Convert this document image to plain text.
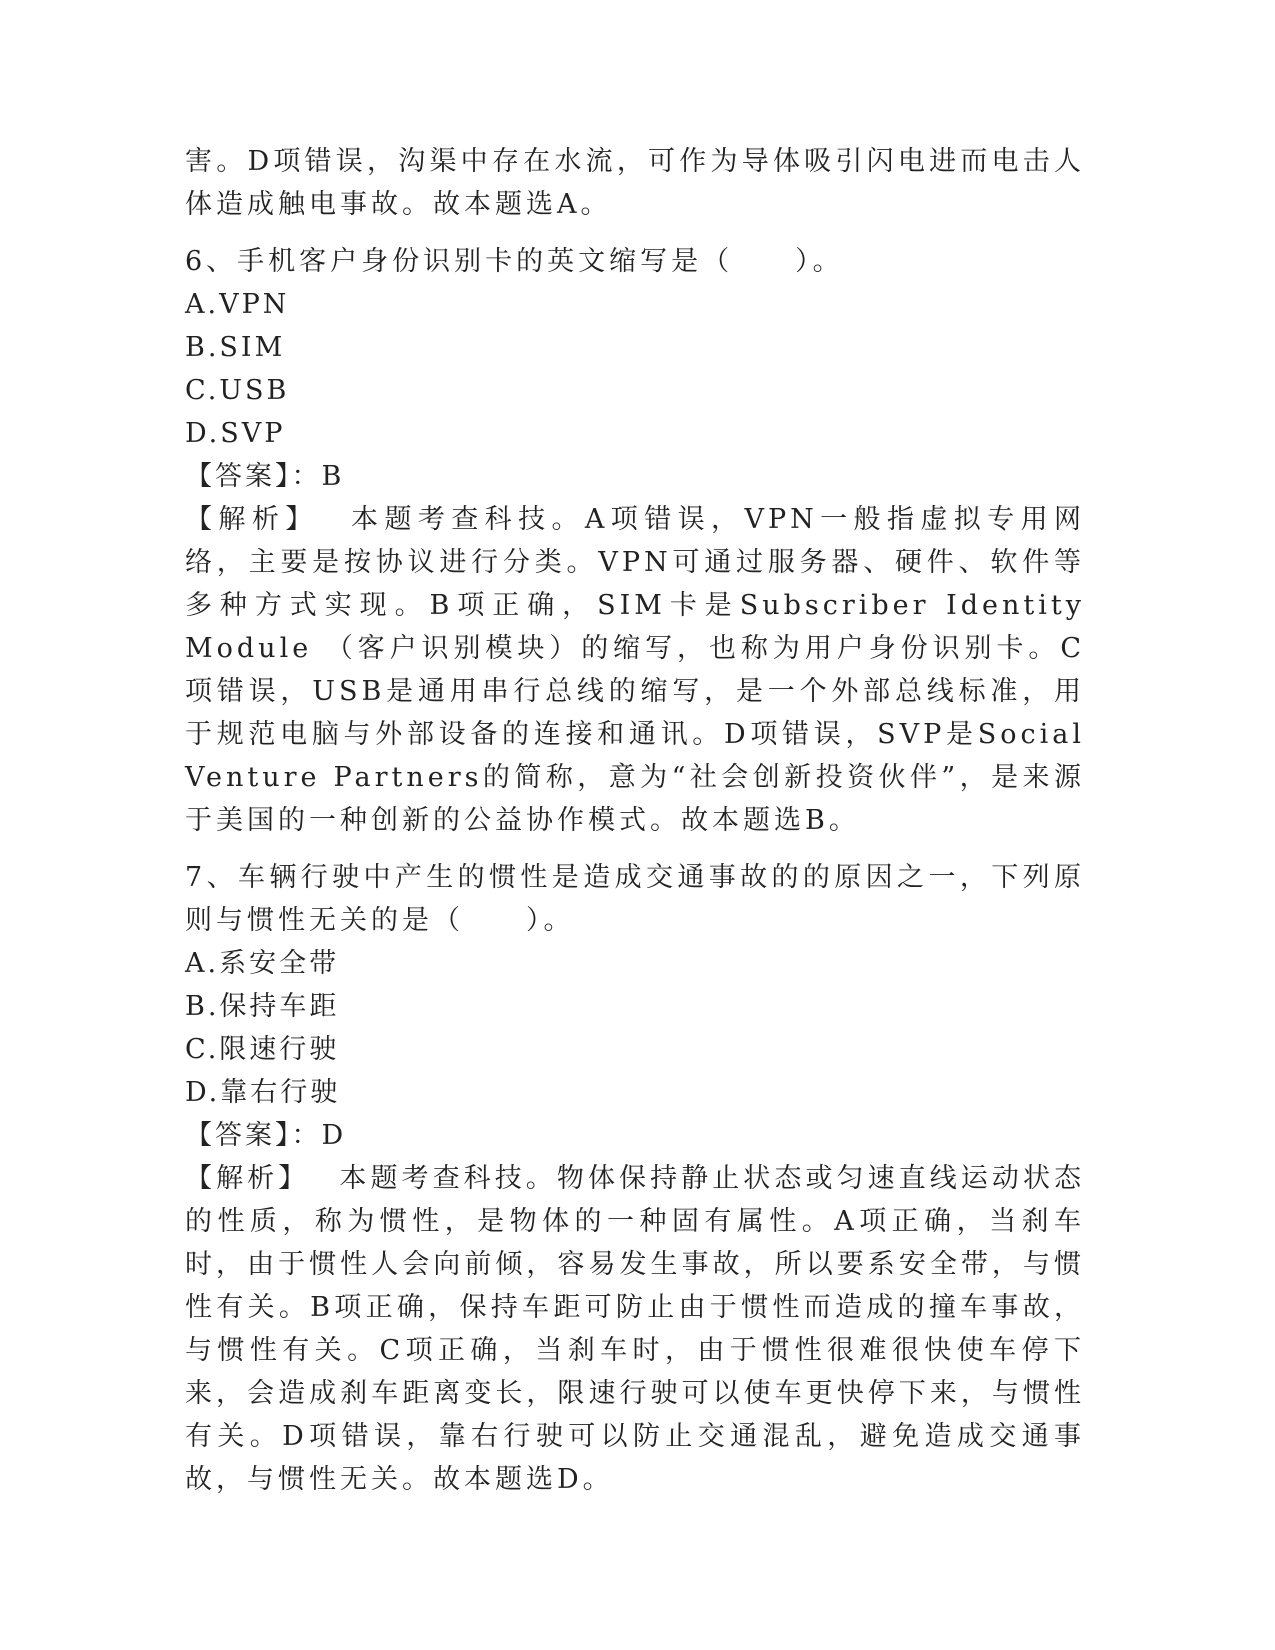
害。D项错误，沟渠中存在水流，可作为导体吸引闪电进而电击人体造成触电事故。故本题选A。

6、手机客户身份识别卡的英文缩写是（　　）。

A.VPN

B.SIM

C.USB

D.SVP

【答案】：B

【解析】 本题考查科技。A项错误，VPN一般指虚拟专用网络，主要是按协议进行分类。VPN可通过服务器、硬件、软件等多种方式实现。B项正确，SIM卡是Subscriber Identity Module （客户识别模块）的缩写，也称为用户身份识别卡。C项错误，USB是通用串行总线的缩写，是一个外部总线标准，用于规范电脑与外部设备的连接和通讯。D项错误，SVP是Social Venture Partners的简称，意为“社会创新投资伙伴”，是来源于美国的一种创新的公益协作模式。故本题选B。

7、车辆行驶中产生的惯性是造成交通事故的的原因之一，下列原则与惯性无关的是（　　）。

A.系安全带

B.保持车距

C.限速行驶

D.靠右行驶

【答案】：D

【解析】 本题考查科技。物体保持静止状态或匀速直线运动状态的性质，称为惯性，是物体的一种固有属性。A项正确，当刹车时，由于惯性人会向前倾，容易发生事故，所以要系安全带，与惯性有关。B项正确，保持车距可防止由于惯性而造成的撞车事故，与惯性有关。C项正确，当刹车时，由于惯性很难很快使车停下来，会造成刹车距离变长，限速行驶可以使车更快停下来，与惯性有关。D项错误，靠右行驶可以防止交通混乱，避免造成交通事故，与惯性无关。故本题选D。
